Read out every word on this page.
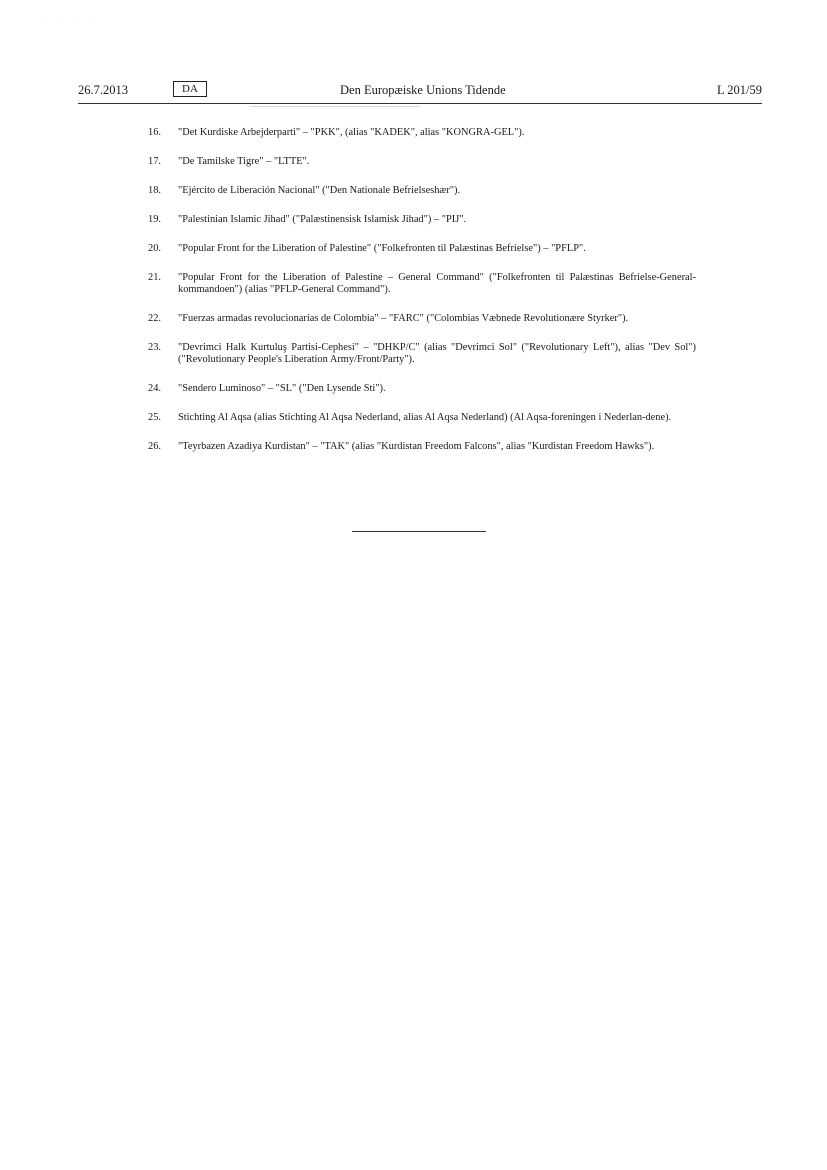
· · · ·
26.7.2013	DA	Den Europæiske Unions Tidende	L 201/59
16.	"Det Kurdiske Arbejderparti" – "PKK", (alias "KADEK", alias "KONGRA-GEL").
17.	"De Tamilske Tigre" – "LTTE".
18.	"Ejército de Liberación Nacional" ("Den Nationale Befrielseshær").
19.	"Palestinian Islamic Jihad" ("Palæstinensisk Islamisk Jihad") – "PIJ".
20.	"Popular Front for the Liberation of Palestine" ("Folkefronten til Palæstinas Befrielse") – "PFLP".
21.	"Popular Front for the Liberation of Palestine – General Command" ("Folkefronten til Palæstinas Befrielse-General-kommandoen") (alias "PFLP-General Command").
22.	"Fuerzas armadas revolucionarias de Colombia" – "FARC" ("Colombias Væbnede Revolutionære Styrker").
23.	"Devrimci Halk Kurtuluş Partisi-Cephesi" – "DHKP/C" (alias "Devrimci Sol" ("Revolutionary Left"), alias "Dev Sol") ("Revolutionary People's Liberation Army/Front/Party").
24.	"Sendero Luminoso" – "SL" ("Den Lysende Sti").
25.	Stichting Al Aqsa (alias Stichting Al Aqsa Nederland, alias Al Aqsa Nederland) (Al Aqsa-foreningen i Nederlan-dene).
26.	"Teyrbazen Azadiya Kurdistan" – "TAK" (alias "Kurdistan Freedom Falcons", alias "Kurdistan Freedom Hawks").
